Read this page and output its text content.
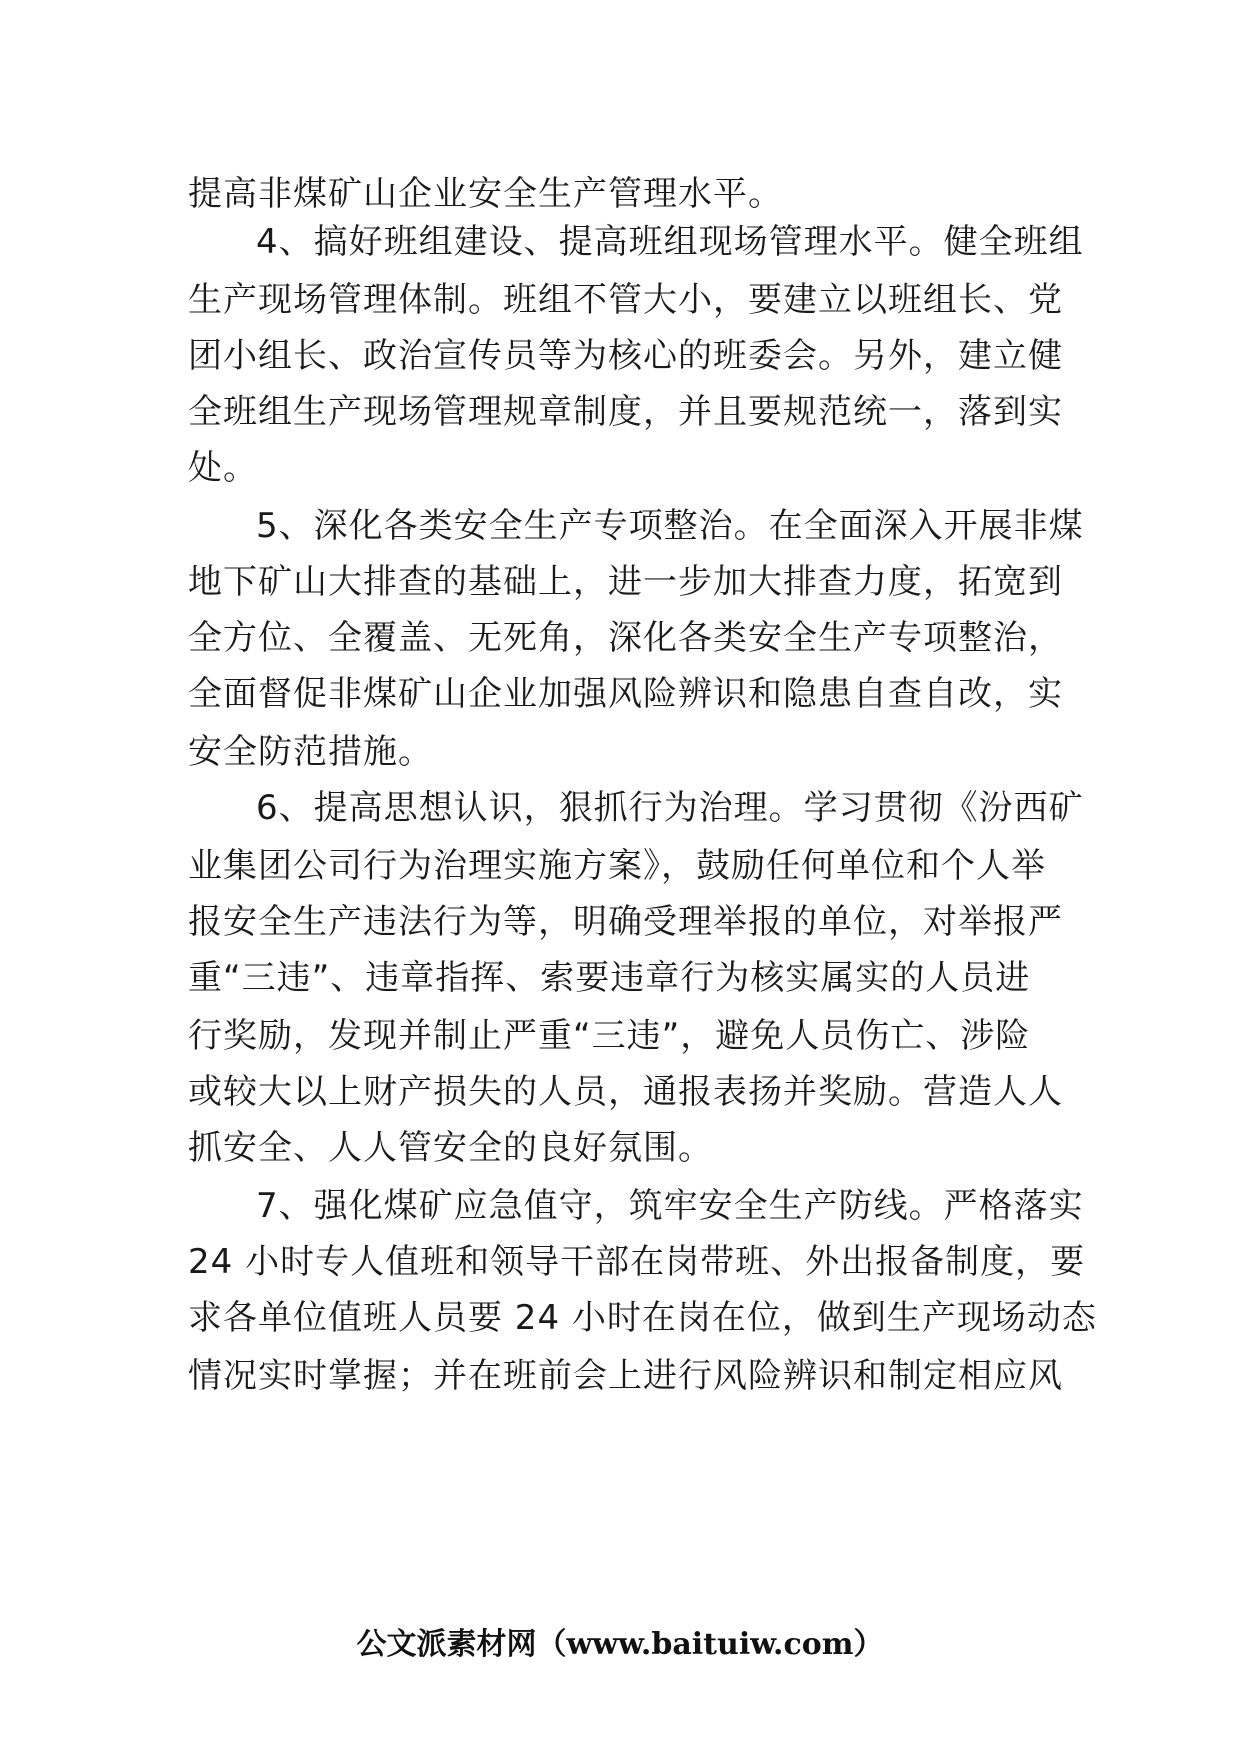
提高非煤矿山企业安全生产管理水平。
4、搞好班组建设、提高班组现场管理水平。健全班组
生产现场管理体制。班组不管大小，要建立以班组长、党
团小组长、政治宣传员等为核心的班委会。另外，建立健
全班组生产现场管理规章制度，并且要规范统一，落到实
处。
5、深化各类安全生产专项整治。在全面深入开展非煤
地下矿山大排查的基础上，进一步加大排查力度，拓宽到
全方位、全覆盖、无死角，深化各类安全生产专项整治，
全面督促非煤矿山企业加强风险辨识和隐患自查自改，实
安全防范措施。
6、提高思想认识，狠抓行为治理。学习贯彻《汾西矿
业集团公司行为治理实施方案》，鼓励任何单位和个人举
报安全生产违法行为等，明确受理举报的单位，对举报严
重“三违”、违章指挥、索要违章行为核实属实的人员进
行奖励，发现并制止严重“三违”，避免人员伤亡、涉险
或较大以上财产损失的人员，通报表扬并奖励。营造人人
抓安全、人人管安全的良好氛围。
7、强化煤矿应急值守，筑牢安全生产防线。严格落实
24 小时专人值班和领导干部在岗带班、外出报备制度，要
求各单位值班人员要 24 小时在岗在位，做到生产现场动态
情况实时掌握；并在班前会上进行风险辨识和制定相应风
公文派素材网（www.baituiw.com）
